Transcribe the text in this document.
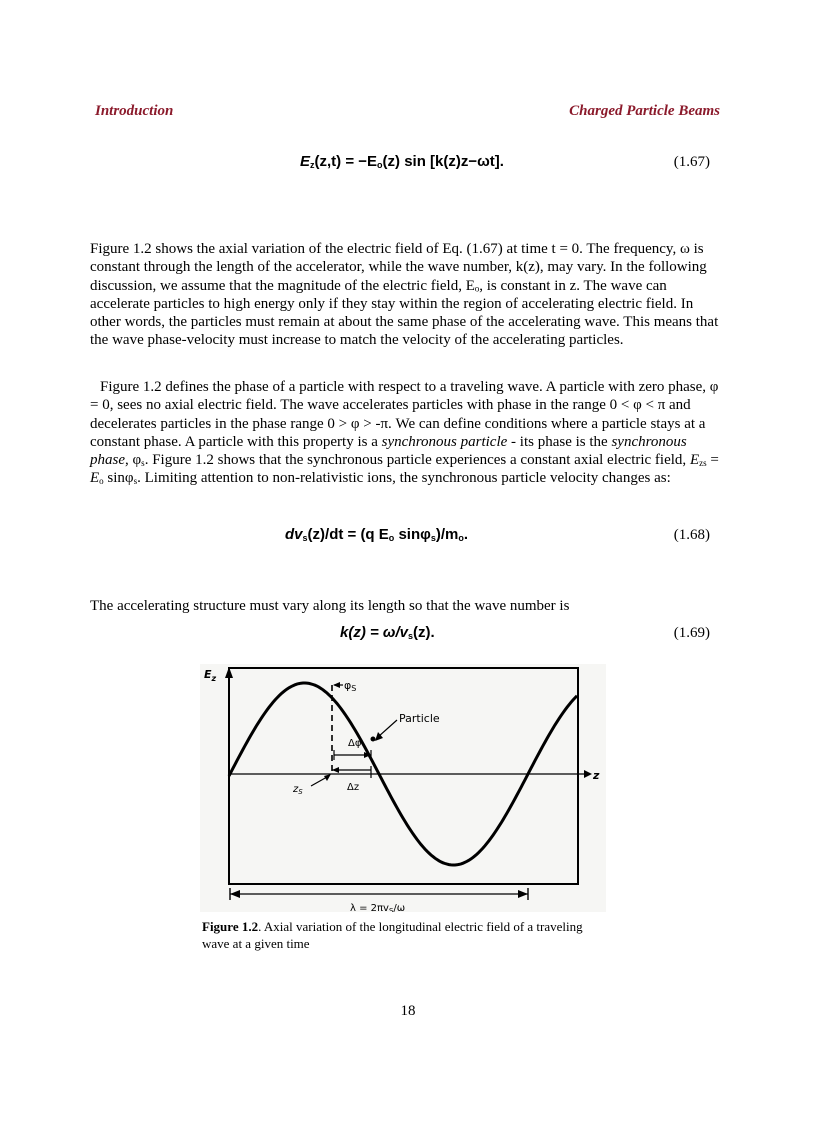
Introduction	Charged Particle Beams
$E_z(z,t) = -E_o(z)$ sin [k(z)z−ωt].	(1.67)

Figure 1.2 shows the axial variation of the electric field of Eq. (1.67) at time t = 0. The frequency, ω is constant through the length of the accelerator, while the wave number, k(z), may vary. In the following discussion, we assume that the magnitude of the electric field, Eₒ, is constant in z. The wave can accelerate particles to high energy only if they stay within the region of accelerating electric field. In other words, the particles must remain at about the same phase of the accelerating wave. This means that the wave phase-velocity must increase to match the velocity of the accelerating particles.

Figure 1.2 defines the phase of a particle with respect to a traveling wave. A particle with zero phase, φ = 0, sees no axial electric field. The wave accelerates particles with phase in the range 0 < φ < π and decelerates particles in the phase range 0 > φ > -π. We can define conditions where a particle stays at a constant phase. A particle with this property is a synchronous particle - its phase is the synchronous phase, $\varphi_s$. Figure 1.2 shows that the synchronous particle experiences a constant axial electric field, $E_{zs} = E_o$ sinφ$_s$. Limiting attention to non-relativistic ions, the synchronous particle velocity changes as:

$dv_s(z)/dt = (q$ $E_o$ $\sin\varphi_s)/m_o$.	(1.68)

The accelerating structure must vary along its length so that the wave number is

$k(z) = \omega/v_s(z)$.	(1.69)
$E_z$
z
φS
Particle
Δφ
Δz
$z_S$
$\lambda = 2\pi v_S/\omega$
Figure 1.2. Axial variation of the longitudinal electric field of a traveling wave at a given time
18
